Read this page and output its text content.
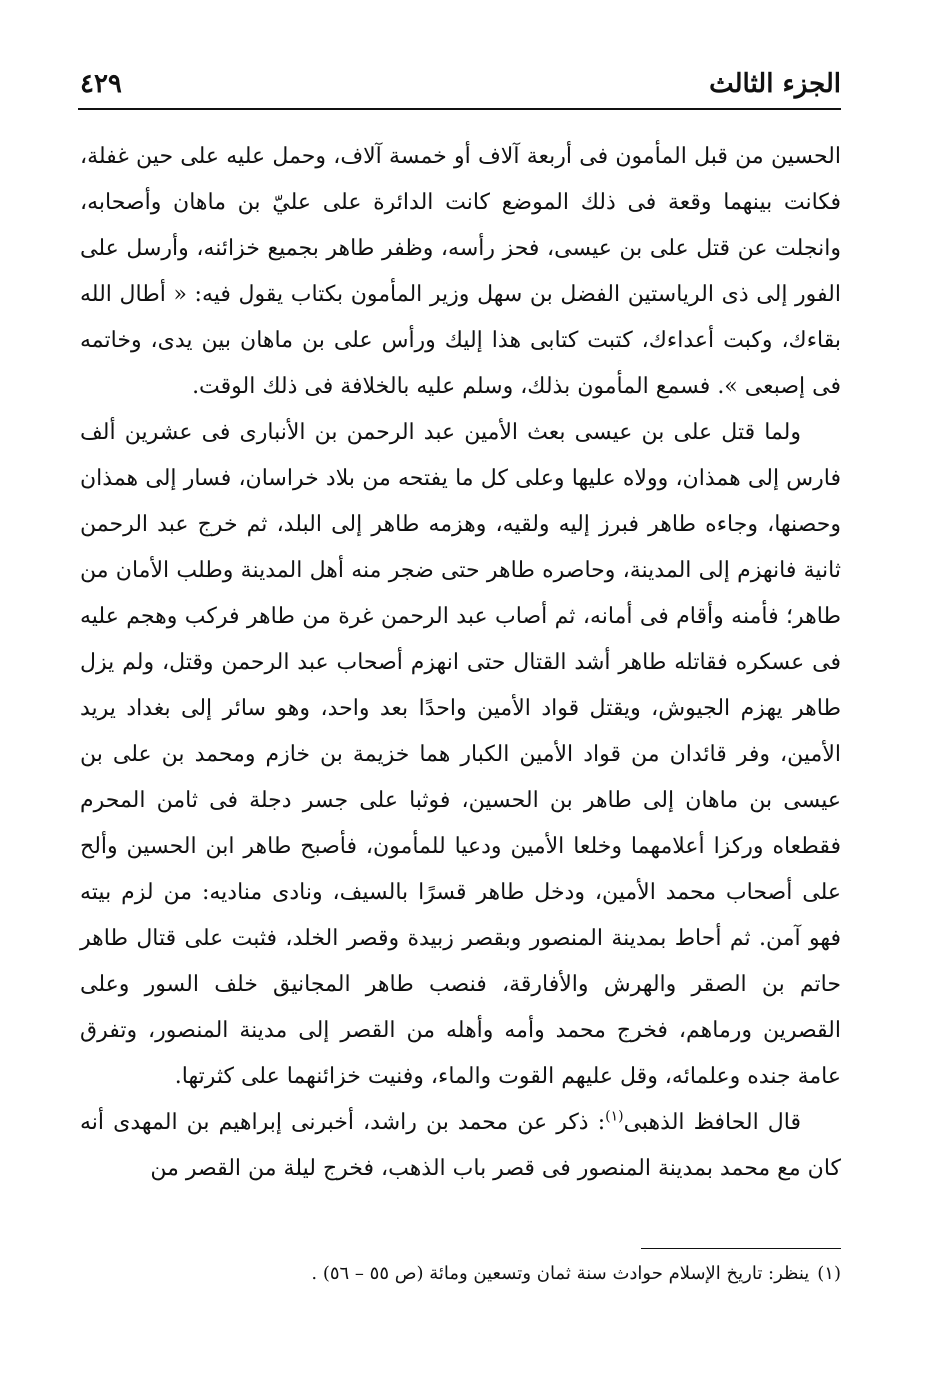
الجزء الثالث
٤٢٩

الحسين من قبل المأمون فى أربعة آلاف أو خمسة آلاف، وحمل عليه على حين غفلة، فكانت بينهما وقعة فى ذلك الموضع كانت الدائرة على عليّ بن ماهان وأصحابه، وانجلت عن قتل على بن عيسى، فحز رأسه، وظفر طاهر بجميع خزائنه، وأرسل على الفور إلى ذى الرياستين الفضل بن سهل وزير المأمون بكتاب يقول فيه: « أطال الله بقاءك، وكبت أعداءك، كتبت كتابى هذا إليك ورأس على بن ماهان بين يدى، وخاتمه فى إصبعى ». فسمع المأمون بذلك، وسلم عليه بالخلافة فى ذلك الوقت.

ولما قتل على بن عيسى بعث الأمين عبد الرحمن بن الأنبارى فى عشرين ألف فارس إلى همذان، وولاه عليها وعلى كل ما يفتحه من بلاد خراسان، فسار إلى همذان وحصنها، وجاءه طاهر فبرز إليه ولقيه، وهزمه طاهر إلى البلد، ثم خرج عبد الرحمن ثانية فانهزم إلى المدينة، وحاصره طاهر حتى ضجر منه أهل المدينة وطلب الأمان من طاهر؛ فأمنه وأقام فى أمانه، ثم أصاب عبد الرحمن غرة من طاهر فركب وهجم عليه فى عسكره فقاتله طاهر أشد القتال حتى انهزم أصحاب عبد الرحمن وقتل، ولم يزل طاهر يهزم الجيوش، ويقتل قواد الأمين واحدًا بعد واحد، وهو سائر إلى بغداد يريد الأمين، وفر قائدان من قواد الأمين الكبار هما خزيمة بن خازم ومحمد بن على بن عيسى بن ماهان إلى طاهر بن الحسين، فوثبا على جسر دجلة فى ثامن المحرم فقطعاه وركزا أعلامهما وخلعا الأمين ودعيا للمأمون، فأصبح طاهر ابن الحسين وألح على أصحاب محمد الأمين، ودخل طاهر قسرًا بالسيف، ونادى مناديه: من لزم بيته فهو آمن. ثم أحاط بمدينة المنصور وبقصر زبيدة وقصر الخلد، فثبت على قتال طاهر حاتم بن الصقر والهرش والأفارقة، فنصب طاهر المجانيق خلف السور وعلى القصرين ورماهم، فخرج محمد وأمه وأهله من القصر إلى مدينة المنصور، وتفرق عامة جنده وعلمائه، وقل عليهم القوت والماء، وفنيت خزائنهما على كثرتها.

قال الحافظ الذهبى$^{(١)}$: ذكر عن محمد بن راشد، أخبرنى إبراهيم بن المهدى أنه كان مع محمد بمدينة المنصور فى قصر باب الذهب، فخرج ليلة من القصر من

(١)ينظر: تاريخ الإسلام حوادث سنة ثمان وتسعين ومائة (ص ٥٥ – ٥٦) .
